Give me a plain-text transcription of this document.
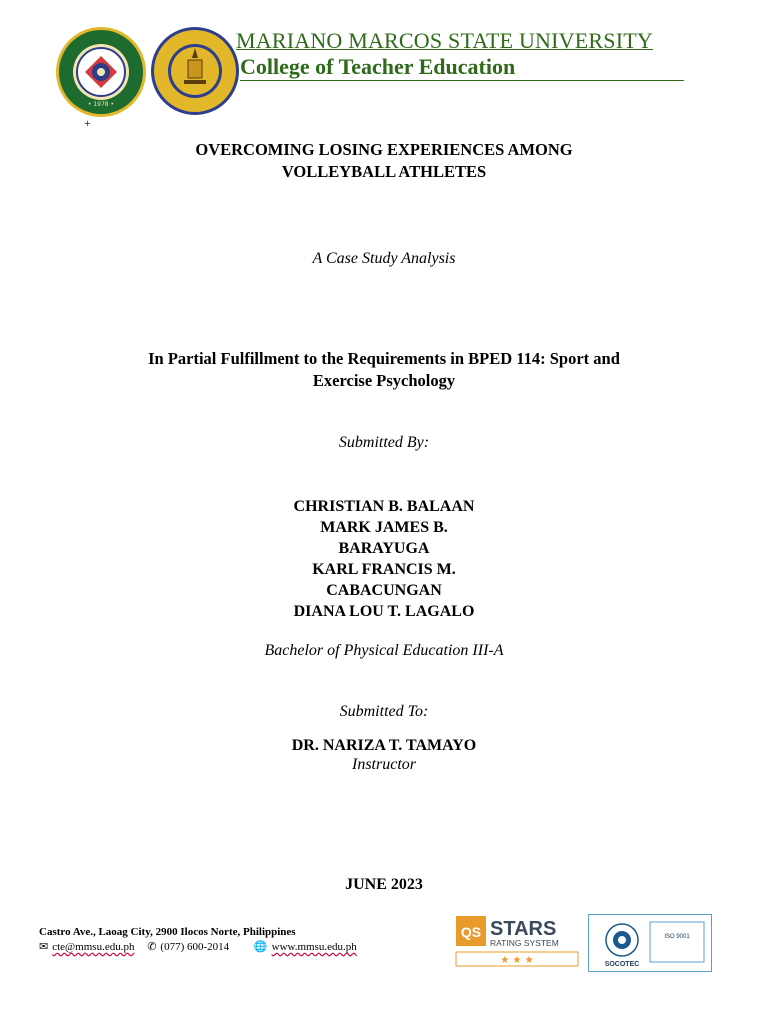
• 1978 •
MARIANO MARCOS STATE UNIVERSITY
College of Teacher Education
+
OVERCOMING LOSING EXPERIENCES AMONG
VOLLEYBALL ATHLETES
A Case Study Analysis
In Partial Fulfillment to the Requirements in BPED 114: Sport and
Exercise Psychology
Submitted By:
CHRISTIAN B. BALAAN
MARK JAMES B.
BARAYUGA
KARL FRANCIS M.
CABACUNGAN
DIANA LOU T. LAGALO
Bachelor of Physical Education III-A
Submitted To:
DR. NARIZA T. TAMAYO
Instructor
JUNE 2023
Castro Ave., Laoag City, 2900 Ilocos Norte, Philippines
✉ cte@mmsu.edu.ph ✆ (077) 600-2014 🌐 www.mmsu.edu.ph
QS STARS
RATING SYSTEM
★ ★ ★	SOCOTEC
ISO 9001
